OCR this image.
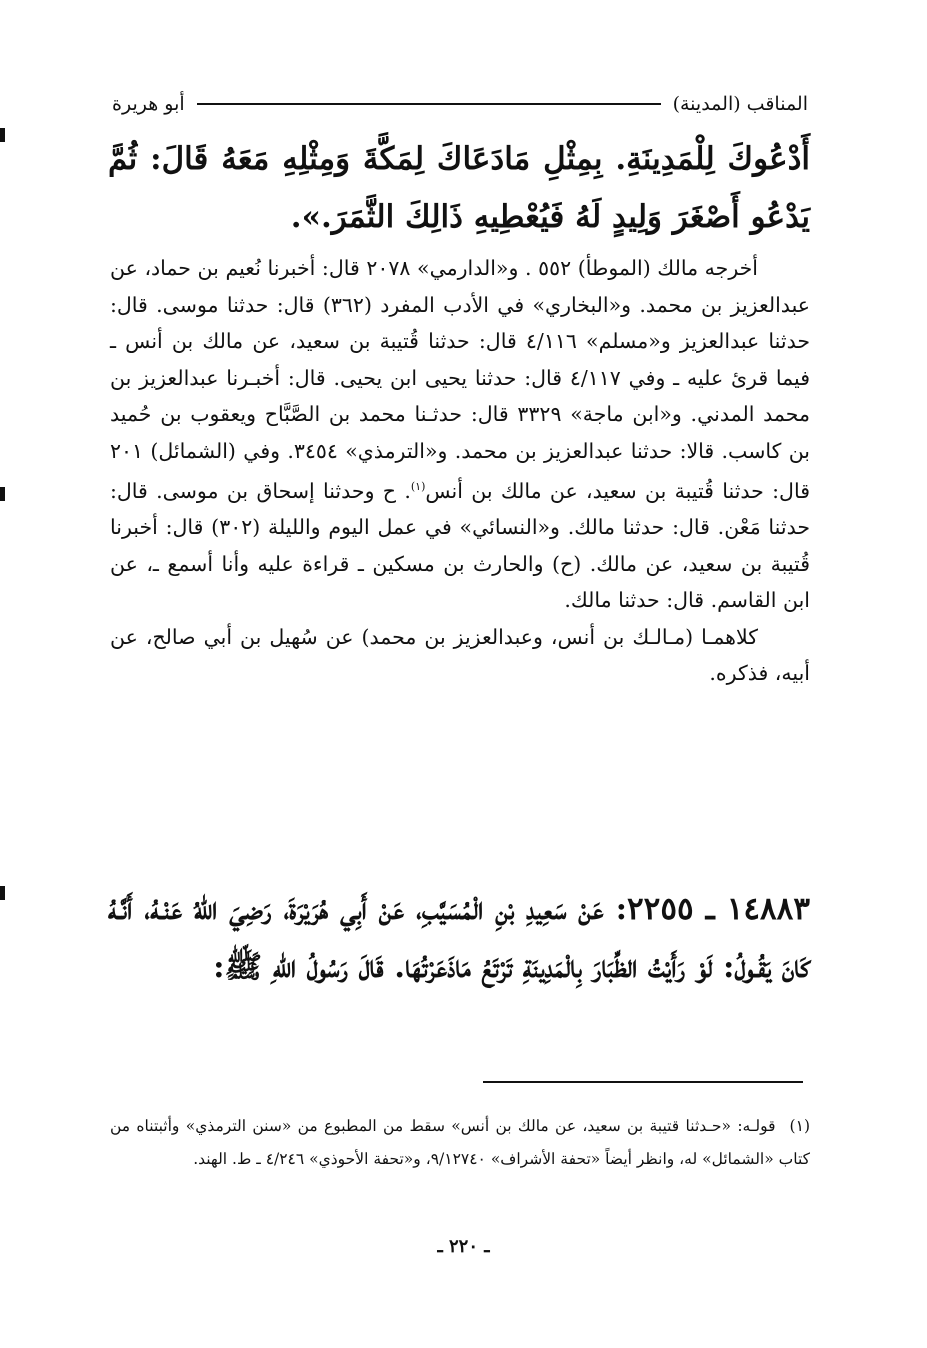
المناقب (المدينة)
أبو هريرة
أَدْعُوكَ لِلْمَدِينَةِ. بِمِثْلِ مَادَعَاكَ لِمَكَّةَ وَمِثْلِهِ مَعَهُ قَالَ: ثُمَّ يَدْعُو أَصْغَرَ وَلِيدٍ لَهُ فَيُعْطِيهِ ذَالِكَ الثَّمَرَ.».

أخرجه مالك (الموطأ) ٥٥٢ . و«الدارمي» ٢٠٧٨ قال: أخبرنا نُعيم بن حماد، عن عبدالعزيز بن محمد. و«البخاري» في الأدب المفرد (٣٦٢) قال: حدثنا موسى. قال: حدثنا عبدالعزيز و«مسلم» ٤/١١٦ قال: حدثنا قُتيبة بن سعيد، عن مالك بن أنس ـ فيما قرئ عليه ـ وفي ٤/١١٧ قال: حدثنا يحيى ابن يحيى. قال: أخبـرنا عبدالعزيز بن محمد المدني. و«ابن ماجة» ٣٣٢٩ قال: حدثـنا محمد بن الصَّبَّاح ويعقوب بن حُميد بن كاسب. قالا: حدثنا عبدالعزيز بن محمد. و«الترمذي» ٣٤٥٤. وفي (الشمائل) ٢٠١ قال: حدثنا قُتيبة بن سعيد، عن مالك بن أنس$^{(١)}$. ح وحدثنا إسحاق بن موسى. قال: حدثنا مَعْن. قال: حدثنا مالك. و«النسائي» في عمل اليوم والليلة (٣٠٢) قال: أخبرنا قُتيبة بن سعيد، عن مالك. (ح) والحارث بن مسكين ـ قراءة عليه وأنا أسمع ـ، عن ابن القاسم. قال: حدثنا مالك.

كلاهمـا (مـالـك بن أنس، وعبدالعزيز بن محمد) عن سُهيل بن أبي صالح، عن أبيه، فذكره.

١٤٨٨٣ ـ ٢٢٥٥: عَنْ سَعِيدِ بْنِ الْمُسَيَّبِ، عَنْ أَبِي هُرَيْرَةَ، رَضِيَ اللهُ عَنْـهُ، أَنَّـهُ كَانَ يَقُـولُ: لَوْ رَأَيْتُ الظِّبَارَ بِالْمَدِينَةِ تَرْتَعُ مَاذَعَرْتُهَا. قَالَ رَسُولُ اللهِ ﷺ:
(١)قولـه: «حـدثنا قتيبة بن سعيد، عن مالك بن أنس» سقط من المطبوع من «سنن الترمذي» وأثبتناه من كتاب «الشمائل» له، وانظر أيضاً «تحفة الأشراف» ٩/١٢٧٤٠، و«تحفة الأحوذي» ٤/٢٤٦ ـ ط. الهند.
ـ ٢٢٠ ـ
